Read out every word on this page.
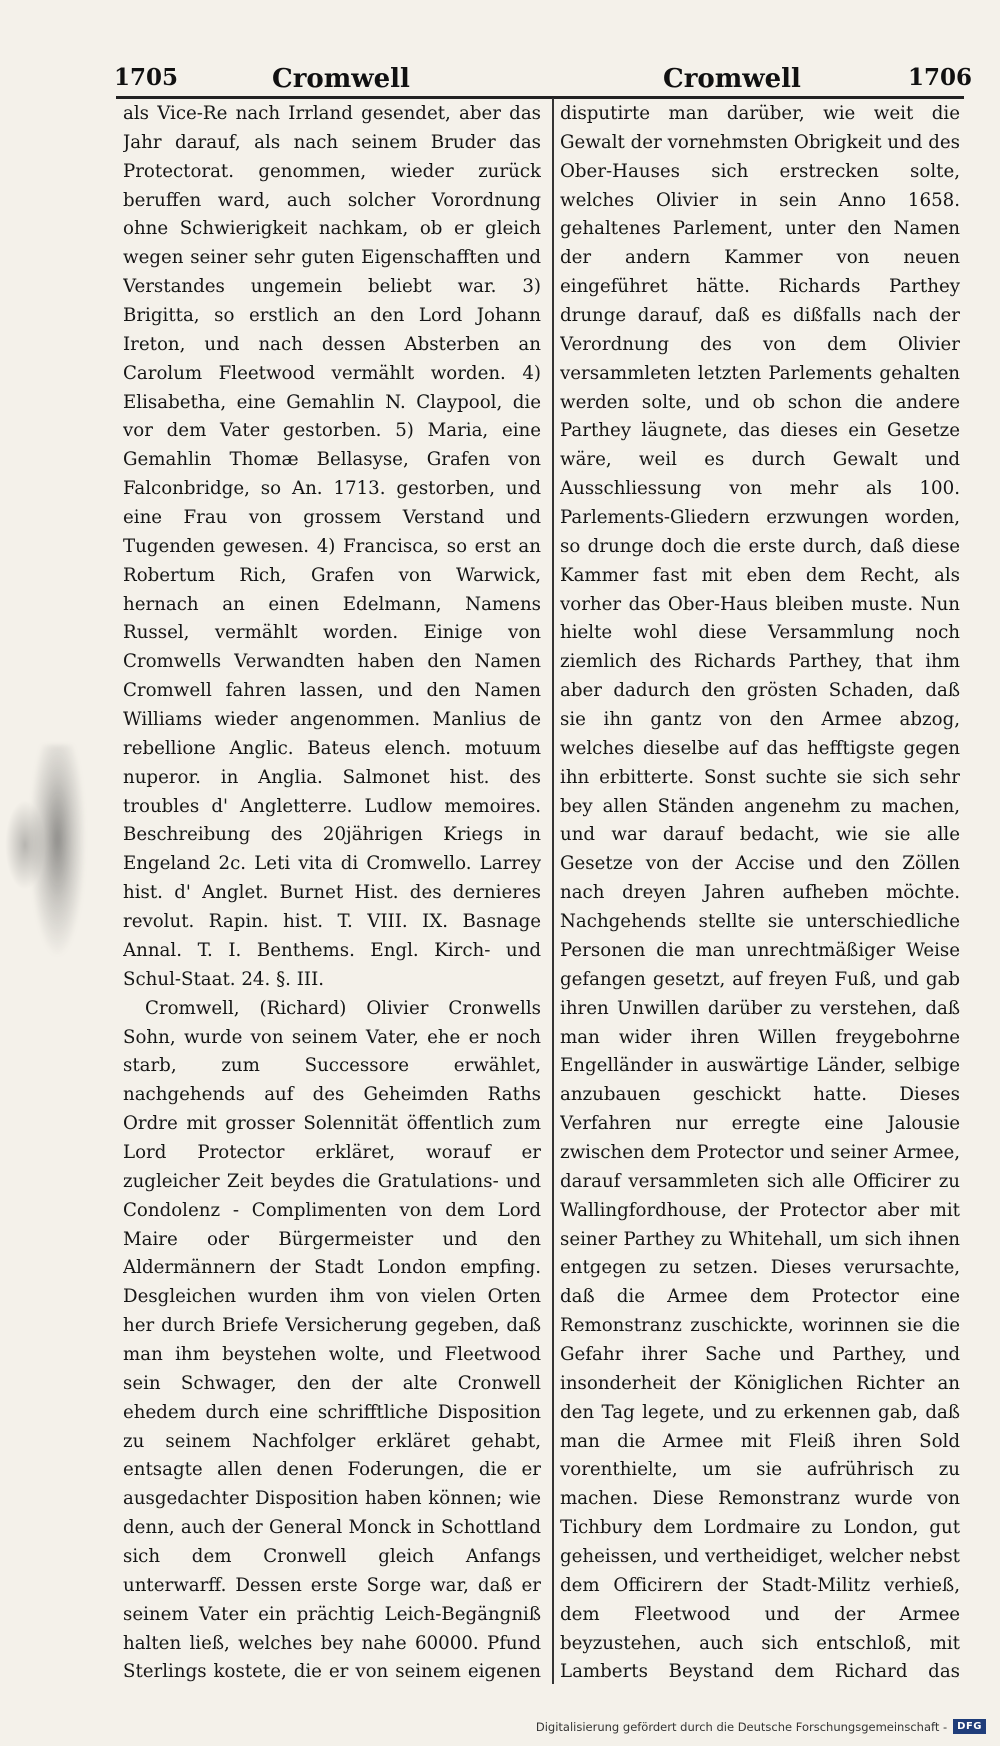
1705	Cromwell	Cromwell	1706

als Vice-Re nach Irrland gesendet, aber das Jahr darauf, als nach seinem Bruder das Protectorat. genommen, wieder zurück beruffen ward, auch solcher Vorordnung ohne Schwierigkeit nachkam, ob er gleich wegen seiner sehr guten Eigenschafften und Verstandes ungemein beliebt war. 3) Brigitta, so erstlich an den Lord Johann Ireton, und nach dessen Absterben an Carolum Fleetwood vermählt worden. 4) Elisabetha, eine Gemahlin N. Claypool, die vor dem Vater gestorben. 5) Maria, eine Gemahlin Thomæ Bellasyse, Grafen von Falconbridge, so An. 1713. gestorben, und eine Frau von grossem Verstand und Tugenden gewesen. 4) Francisca, so erst an Robertum Rich, Grafen von Warwick, hernach an einen Edelmann, Namens Russel, vermählt worden. Einige von Cromwells Verwandten haben den Namen Cromwell fahren lassen, und den Namen Williams wieder angenommen. Manlius de rebellione Anglic. Bateus elench. motuum nuperor. in Anglia. Salmonet hist. des troubles d' Angletterre. Ludlow memoires. Beschreibung des 20jährigen Kriegs in Engeland 2c. Leti vita di Cromwello. Larrey hist. d' Anglet. Burnet Hist. des dernieres revolut. Rapin. hist. T. VIII. IX. Basnage Annal. T. I. Benthems. Engl. Kirch- und Schul-Staat. 24. §. III.

Cromwell, (Richard) Olivier Cronwells Sohn, wurde von seinem Vater, ehe er noch starb, zum Successore erwählet, nachgehends auf des Geheimden Raths Ordre mit grosser Solennität öffentlich zum Lord Protector erkläret, worauf er zugleicher Zeit beydes die Gratulations- und Condolenz - Complimenten von dem Lord Maire oder Bürgermeister und den Aldermännern der Stadt London empfing. Desgleichen wurden ihm von vielen Orten her durch Briefe Versicherung gegeben, daß man ihm beystehen wolte, und Fleetwood sein Schwager, den der alte Cronwell ehedem durch eine schrifftliche Disposition zu seinem Nachfolger erkläret gehabt, entsagte allen denen Foderungen, die er ausgedachter Disposition haben können; wie denn, auch der General Monck in Schottland sich dem Cronwell gleich Anfangs unterwarff. Dessen erste Sorge war, daß er seinem Vater ein prächtig Leich-Begängniß halten ließ, welches bey nahe 60000. Pfund Sterlings kostete, die er von seinem eigenen

disputirte man darüber, wie weit die Gewalt der vornehmsten Obrigkeit und des Ober-Hauses sich erstrecken solte, welches Olivier in sein Anno 1658. gehaltenes Parlement, unter den Namen der andern Kammer von neuen eingeführet hätte. Richards Parthey drunge darauf, daß es dißfalls nach der Verordnung des von dem Olivier versammleten letzten Parlements gehalten werden solte, und ob schon die andere Parthey läugnete, das dieses ein Gesetze wäre, weil es durch Gewalt und Ausschliessung von mehr als 100. Parlements-Gliedern erzwungen worden, so drunge doch die erste durch, daß diese Kammer fast mit eben dem Recht, als vorher das Ober-Haus bleiben muste. Nun hielte wohl diese Versammlung noch ziemlich des Richards Parthey, that ihm aber dadurch den grösten Schaden, daß sie ihn gantz von den Armee abzog, welches dieselbe auf das hefftigste gegen ihn erbitterte. Sonst suchte sie sich sehr bey allen Ständen angenehm zu machen, und war darauf bedacht, wie sie alle Gesetze von der Accise und den Zöllen nach dreyen Jahren aufheben möchte. Nachgehends stellte sie unterschiedliche Personen die man unrechtmäßiger Weise gefangen gesetzt, auf freyen Fuß, und gab ihren Unwillen darüber zu verstehen, daß man wider ihren Willen freygebohrne Engelländer in auswärtige Länder, selbige anzubauen geschickt hatte. Dieses Verfahren nur erregte eine Jalousie zwischen dem Protector und seiner Armee, darauf versammleten sich alle Officirer zu Wallingfordhouse, der Protector aber mit seiner Parthey zu Whitehall, um sich ihnen entgegen zu setzen. Dieses verursachte, daß die Armee dem Protector eine Remonstranz zuschickte, worinnen sie die Gefahr ihrer Sache und Parthey, und insonderheit der Königlichen Richter an den Tag legete, und zu erkennen gab, daß man die Armee mit Fleiß ihren Sold vorenthielte, um sie aufrührisch zu machen. Diese Remonstranz wurde von Tichbury dem Lordmaire zu London, gut geheissen, und vertheidiget, welcher nebst dem Officirern der Stadt-Militz verhieß, dem Fleetwood und der Armee beyzustehen, auch sich entschloß, mit Lamberts Beystand dem Richard das

Digitalisierung gefördert durch die Deutsche Forschungsgemeinschaft -	DFG
